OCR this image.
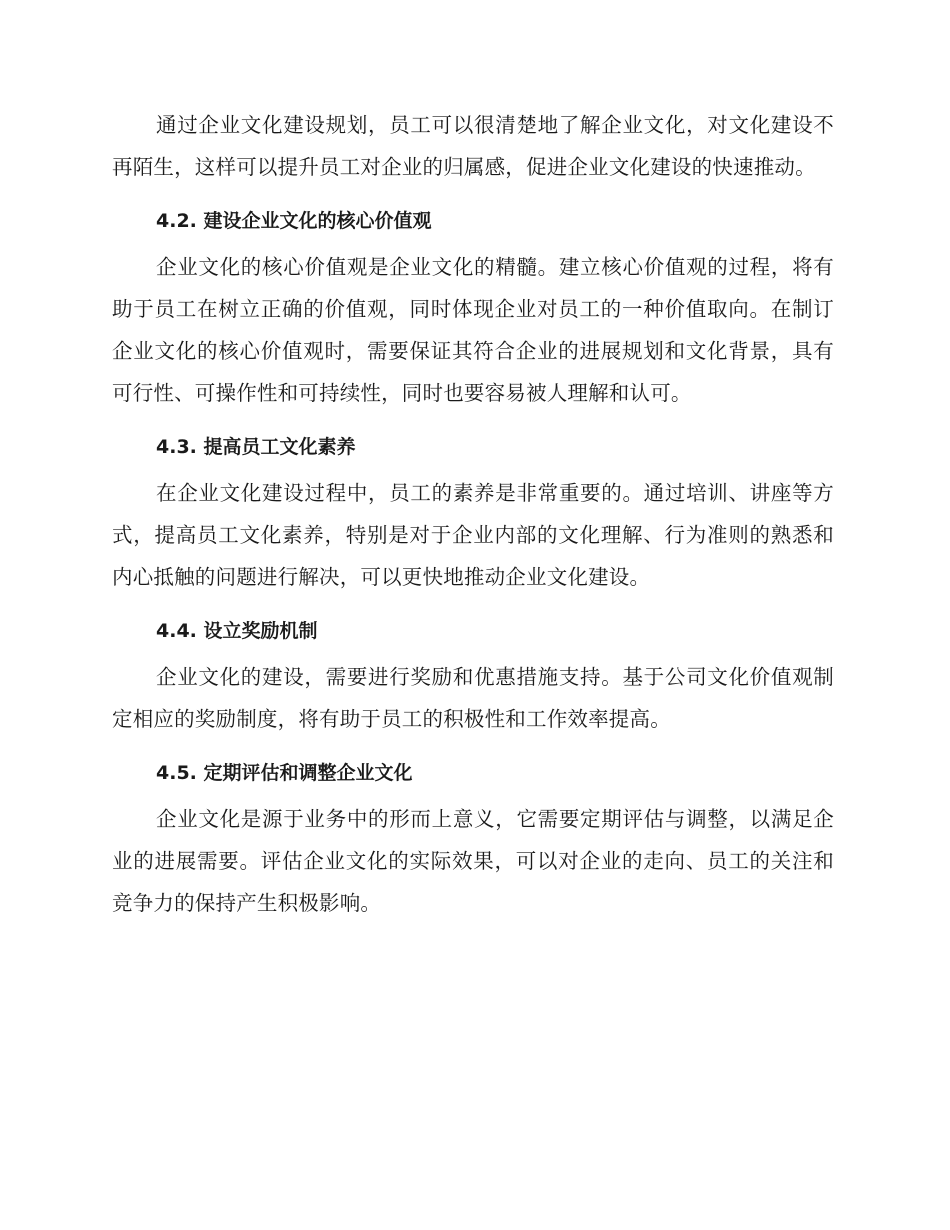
通过企业文化建设规划，员工可以很清楚地了解企业文化，对文化建设不再陌生，这样可以提升员工对企业的归属感，促进企业文化建设的快速推动。

4.2. 建设企业文化的核心价值观

企业文化的核心价值观是企业文化的精髓。建立核心价值观的过程，将有助于员工在树立正确的价值观，同时体现企业对员工的一种价值取向。在制订企业文化的核心价值观时，需要保证其符合企业的进展规划和文化背景，具有可行性、可操作性和可持续性，同时也要容易被人理解和认可。

4.3. 提高员工文化素养

在企业文化建设过程中，员工的素养是非常重要的。通过培训、讲座等方式，提高员工文化素养，特别是对于企业内部的文化理解、行为准则的熟悉和内心抵触的问题进行解决，可以更快地推动企业文化建设。

4.4. 设立奖励机制

企业文化的建设，需要进行奖励和优惠措施支持。基于公司文化价值观制定相应的奖励制度，将有助于员工的积极性和工作效率提高。

4.5. 定期评估和调整企业文化

企业文化是源于业务中的形而上意义，它需要定期评估与调整，以满足企业的进展需要。评估企业文化的实际效果，可以对企业的走向、员工的关注和竞争力的保持产生积极影响。
